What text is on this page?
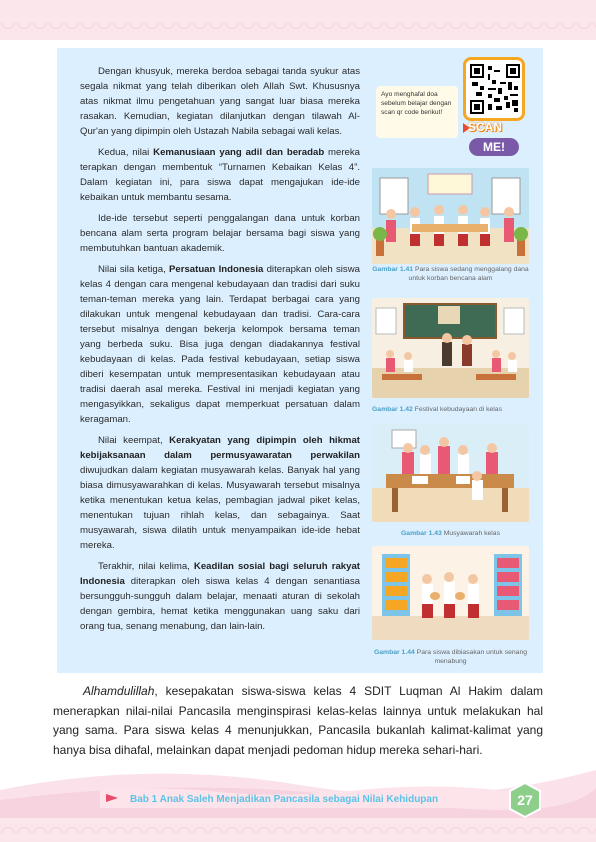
Dengan khusyuk, mereka berdoa sebagai tanda syukur atas segala nikmat yang telah diberikan oleh Allah Swt. Khususnya atas nikmat ilmu pengetahuan yang sangat luar biasa mereka rasakan. Kemudian, kegiatan dilanjutkan dengan tilawah Al-Qur'an yang dipimpin oleh Ustazah Nabila sebagai wali kelas.

Kedua, nilai Kemanusiaan yang adil dan beradab mereka terapkan dengan membentuk “Turnamen Kebaikan Kelas 4”. Dalam kegiatan ini, para siswa dapat mengajukan ide-ide kebaikan untuk membantu sesama.

Ide-ide tersebut seperti penggalangan dana untuk korban bencana alam serta program belajar bersama bagi siswa yang membutuhkan bantuan akademik.

Nilai sila ketiga, Persatuan Indonesia diterapkan oleh siswa kelas 4 dengan cara mengenal kebudayaan dan tradisi dari suku teman-teman mereka yang lain. Terdapat berbagai cara yang dilakukan untuk mengenal kebudayaan dan tradisi. Cara-cara tersebut misalnya dengan bekerja kelompok bersama teman yang berbeda suku. Bisa juga dengan diadakannya festival kebudayaan di kelas. Pada festival kebudayaan, setiap siswa diberi kesempatan untuk mempresentasikan kebudayaan atau tradisi daerah asal mereka. Festival ini menjadi kegiatan yang mengasyikkan, sekaligus dapat memperkuat persatuan dalam keragaman.

Nilai keempat, Kerakyatan yang dipimpin oleh hikmat kebijaksanaan dalam permusyawaratan perwakilan diwujudkan dalam kegiatan musyawarah kelas. Banyak hal yang biasa dimusyawarahkan di kelas. Musyawarah tersebut misalnya ketika menentukan ketua kelas, pembagian jadwal piket kelas, menentukan tujuan rihlah kelas, dan sebagainya. Saat musyawarah, siswa dilatih untuk menyampaikan ide-ide hebat mereka.

Terakhir, nilai kelima, Keadilan sosial bagi seluruh rakyat Indonesia diterapkan oleh siswa kelas 4 dengan senantiasa bersungguh-sungguh dalam belajar, menaati aturan di sekolah dengan gembira, hemat ketika menggunakan uang saku dari orang tua, senang menabung, dan lain-lain.

Ayo menghafal doa sebelum belajar dengan scan qr code berikut!
SCAN
ME!
Gambar 1.41 Para siswa sedang menggalang dana untuk korban bencana alam
Gambar 1.42 Festival kebudayaan di kelas
Gambar 1.43 Musyawarah kelas
Gambar 1.44 Para siswa dibiasakan untuk senang menabung

Alhamdulillah, kesepakatan siswa-siswa kelas 4 SDIT Luqman Al Hakim dalam menerapkan nilai-nilai Pancasila menginspirasi kelas-kelas lainnya untuk melakukan hal yang sama. Para siswa kelas 4 menunjukkan, Pancasila bukanlah kalimat-kalimat yang hanya bisa dihafal, melainkan dapat menjadi pedoman hidup mereka sehari-hari.

Bab 1 Anak Saleh Menjadikan Pancasila sebagai Nilai Kehidupan	27
